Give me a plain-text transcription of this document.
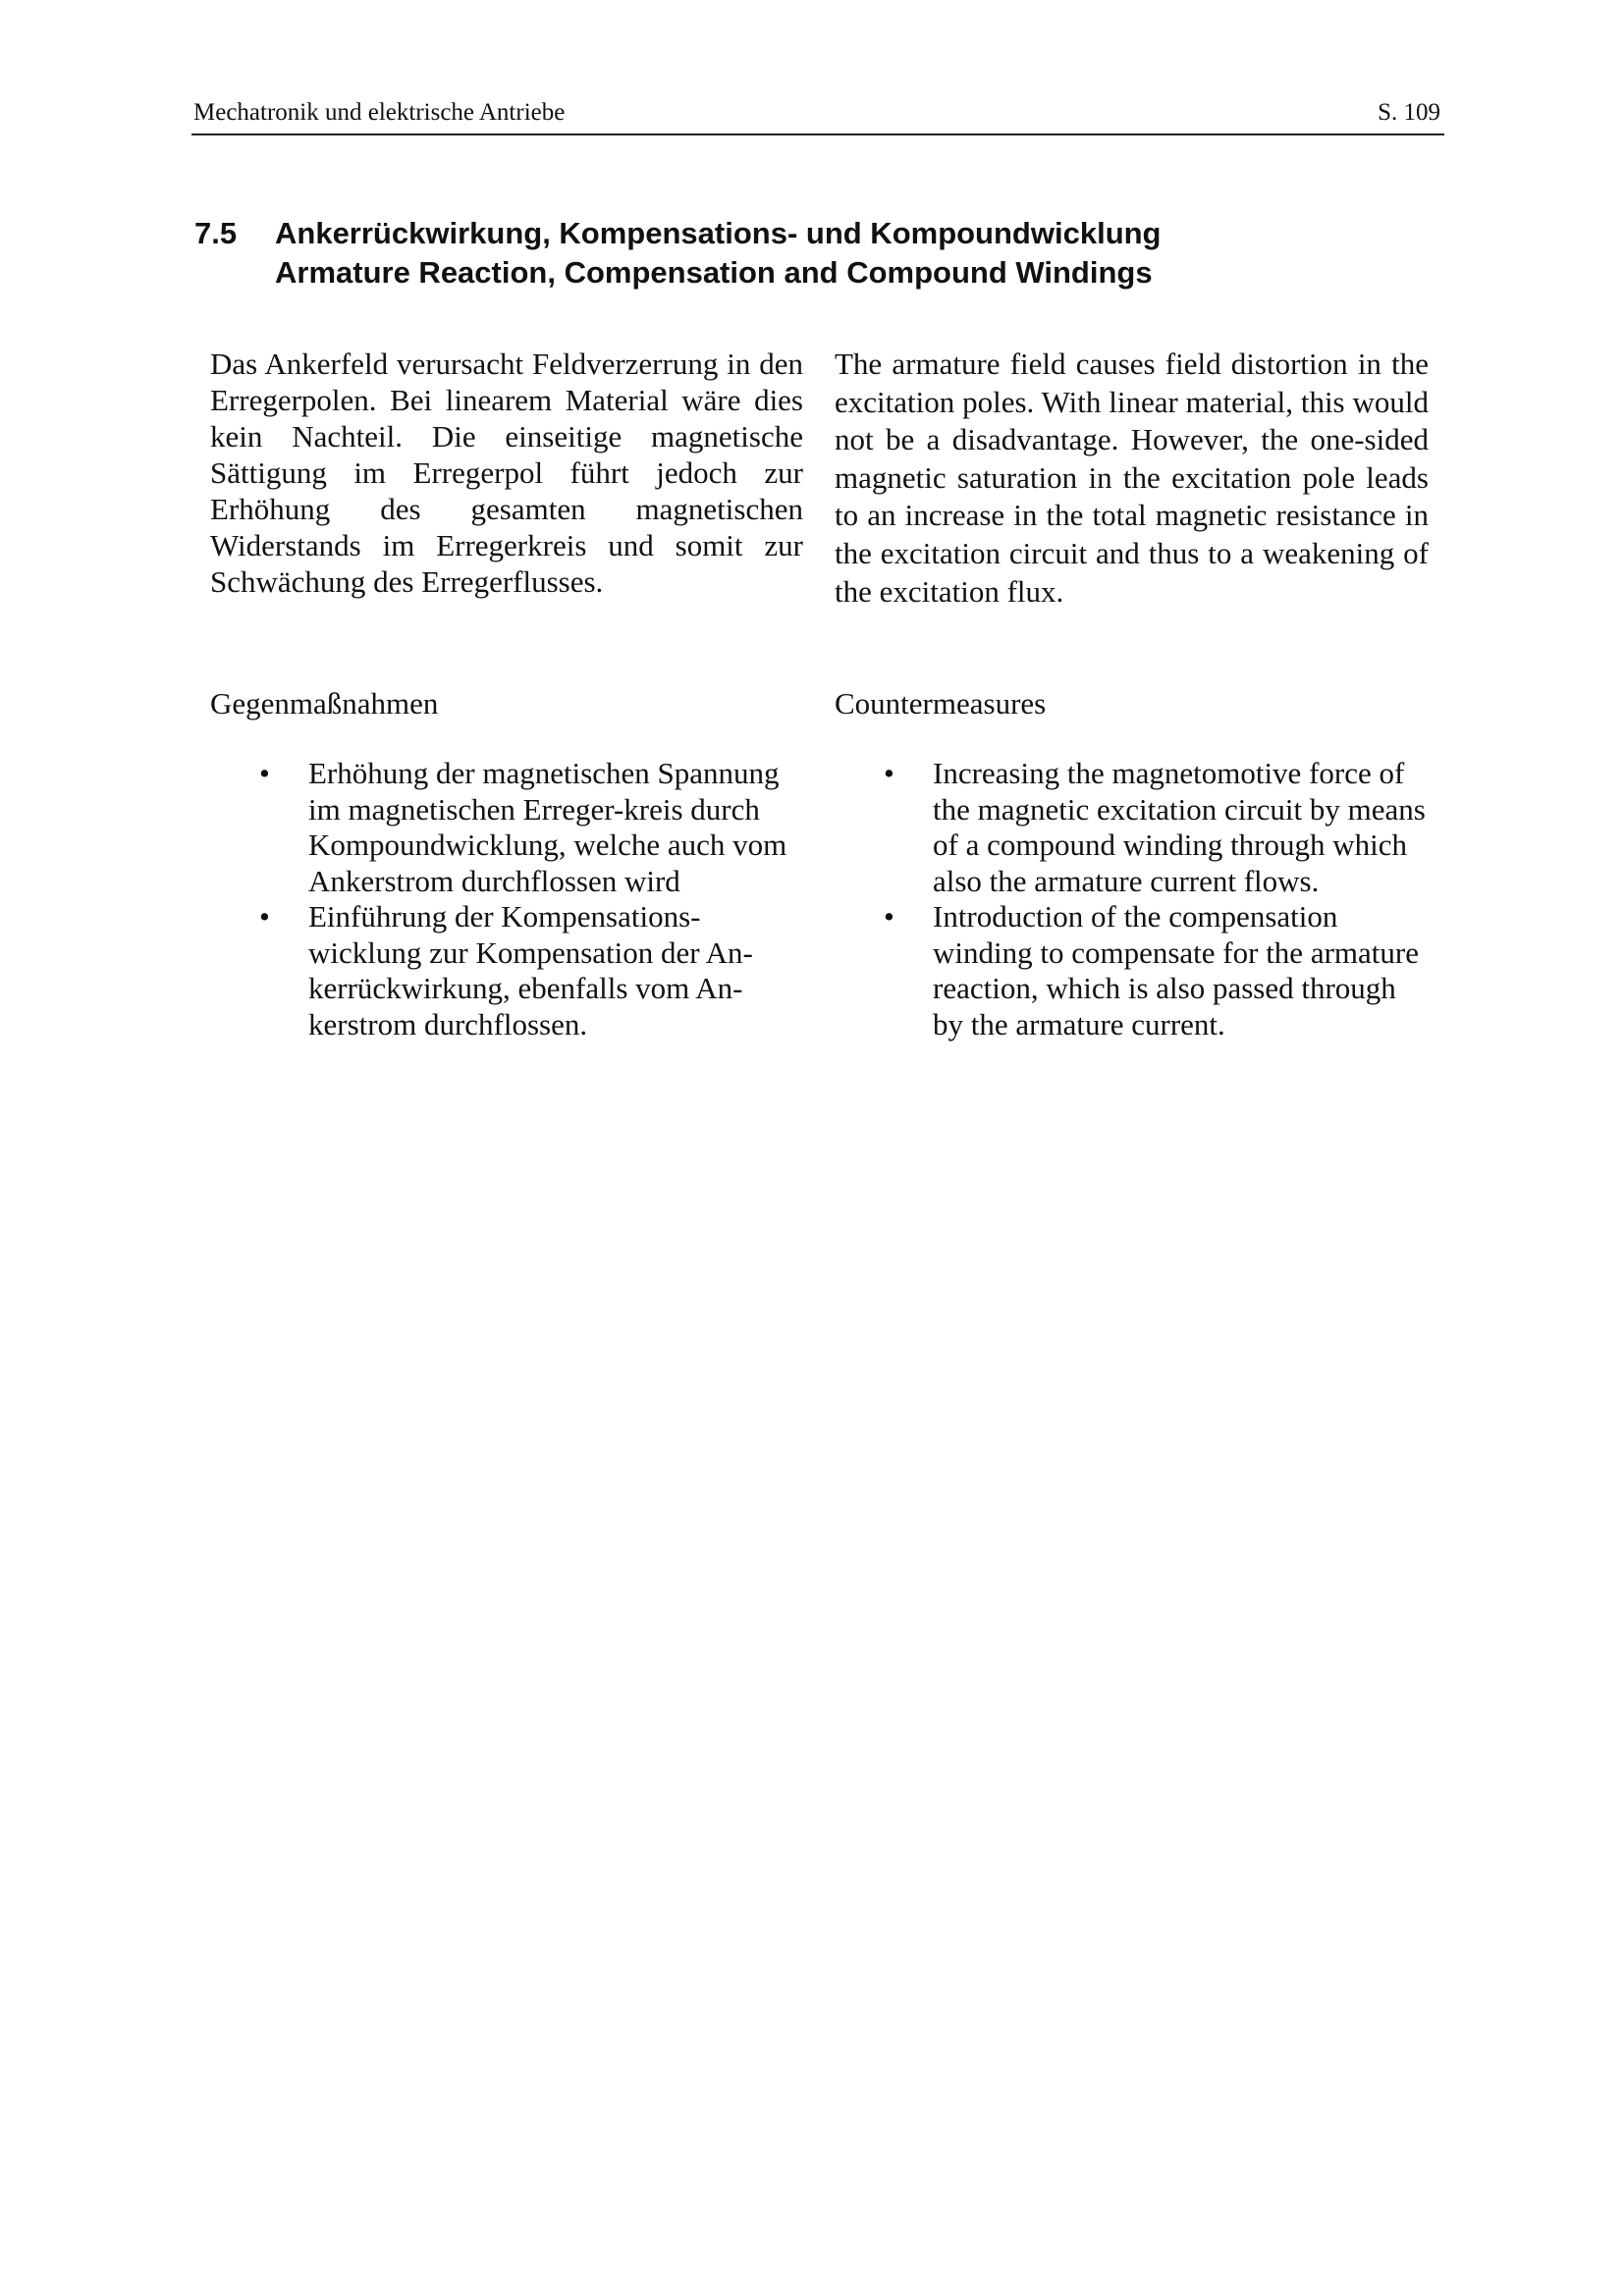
Mechatronik und elektrische Antriebe	S. 109
7.5 Ankerrückwirkung, Kompensations- und Kompoundwicklung
Armature Reaction, Compensation and Compound Windings

Das Ankerfeld verursacht Feldverzerrung in den Erregerpolen. Bei linearem Material wäre dies kein Nachteil. Die einseitige magnetische Sättigung im Erregerpol führt jedoch zur Erhöhung des gesamten magnetischen Widerstands im Erregerkreis und somit zur Schwächung des Erregerflusses.

Gegenmaßnahmen

• Erhöhung der magnetischen Spannung im magnetischen Erreger-kreis durch Kompoundwicklung, welche auch vom Ankerstrom durchflossen wird
• Einführung der Kompensations-wicklung zur Kompensation der An-kerrückwirkung, ebenfalls vom An-kerstrom durchflossen.

The armature field causes field distortion in the excitation poles. With linear material, this would not be a disadvantage. However, the one-sided magnetic saturation in the excitation pole leads to an increase in the total magnetic resistance in the excitation circuit and thus to a weakening of the excitation flux.

Countermeasures

• Increasing the magnetomotive force of the magnetic excitation circuit by means of a compound winding through which also the armature current flows.
• Introduction of the compensation winding to compensate for the armature reaction, which is also passed through by the armature current.
